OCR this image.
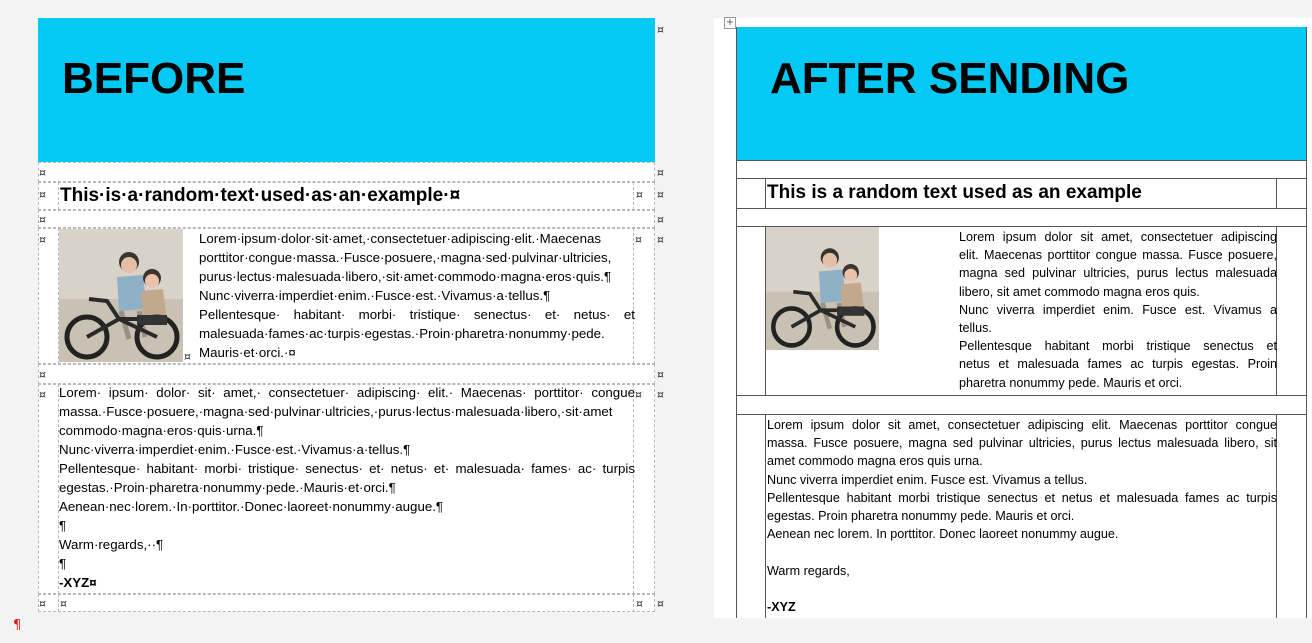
BEFORE
¤
¤	¤
¤ This·is·a·random·text·used·as·an·example·¤	¤ ¤
¤	¤
¤
¤
Lorem·ipsum·dolor·sit·amet,·consectetuer·adipiscing·elit.·Maecenas
porttitor·congue·massa.·Fusce·posuere,·magna·sed·pulvinar·ultricies,
purus·lectus·malesuada·libero,·sit·amet·commodo·magna·eros·quis.¶
Nunc·viverra·imperdiet·enim.·Fusce·est.·Vivamus·a·tellus.¶
Pellentesque· habitant· morbi· tristique· senectus· et· netus· et
malesuada·fames·ac·turpis·egestas.·Proin·pharetra·nonummy·pede.
Mauris·et·orci.·¤
¤ ¤
¤	¤
¤ Lorem· ipsum· dolor· sit· amet,· consectetuer· adipiscing· elit.· Maecenas· porttitor· congue
massa.·Fusce·posuere,·magna·sed·pulvinar·ultricies,·purus·lectus·malesuada·libero,·sit·amet
commodo·magna·eros·quis·urna.¶
Nunc·viverra·imperdiet·enim.·Fusce·est.·Vivamus·a·tellus.¶
Pellentesque· habitant· morbi· tristique· senectus· et· netus· et· malesuada· fames· ac· turpis
egestas.·Proin·pharetra·nonummy·pede.·Mauris·et·orci.¶
Aenean·nec·lorem.·In·porttitor.·Donec·laoreet·nonummy·augue.¶
¶
Warm·regards,··¶
¶
-XYZ¤
¤ ¤
¤ ¤	¤ ¤
¶
+
AFTER SENDING
This is a random text used as an example
Lorem ipsum dolor sit amet, consectetuer adipiscing
elit. Maecenas porttitor congue massa. Fusce posuere,
magna sed pulvinar ultricies, purus lectus malesuada
libero, sit amet commodo magna eros quis.
Nunc viverra imperdiet enim. Fusce est. Vivamus a
tellus.
Pellentesque habitant morbi tristique senectus et
netus et malesuada fames ac turpis egestas. Proin
pharetra nonummy pede. Mauris et orci.
Lorem ipsum dolor sit amet, consectetuer adipiscing elit. Maecenas porttitor congue
massa. Fusce posuere, magna sed pulvinar ultricies, purus lectus malesuada libero, sit
amet commodo magna eros quis urna.
Nunc viverra imperdiet enim. Fusce est. Vivamus a tellus.
Pellentesque habitant morbi tristique senectus et netus et malesuada fames ac turpis
egestas. Proin pharetra nonummy pede. Mauris et orci.
Aenean nec lorem. In porttitor. Donec laoreet nonummy augue.
Warm regards,
-XYZ
